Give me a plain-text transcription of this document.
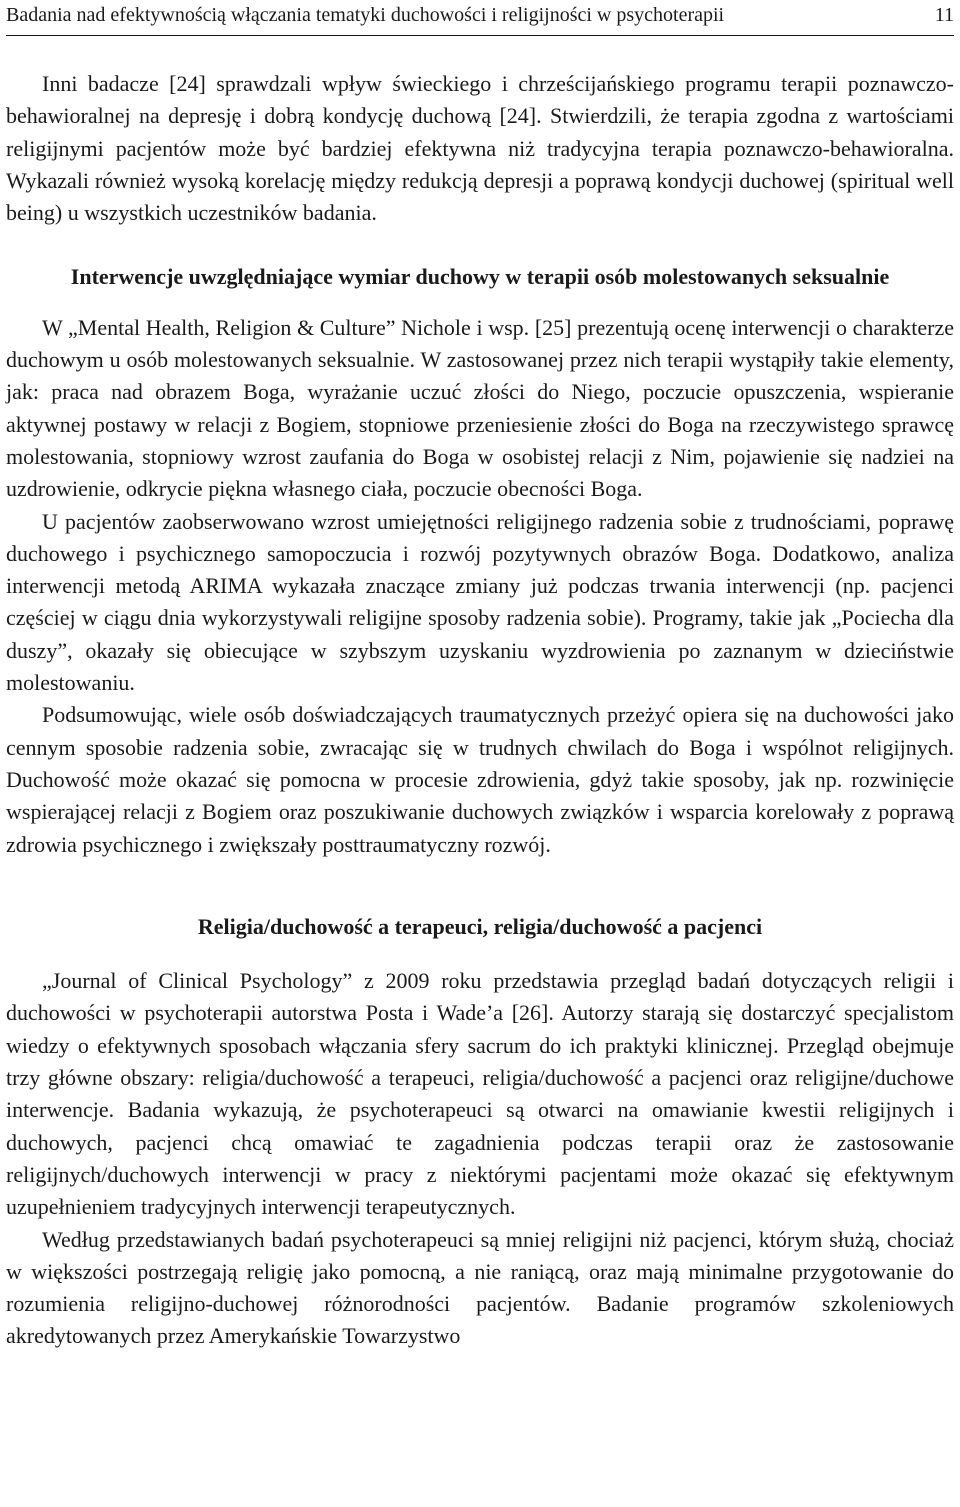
Badania nad efektywnością włączania tematyki duchowości i religijności w psychoterapii	11

Inni badacze [24] sprawdzali wpływ świeckiego i chrześcijańskiego programu terapii poznawczo-behawioralnej na depresję i dobrą kondycję duchową [24]. Stwierdzili, że terapia zgodna z wartościami religijnymi pacjentów może być bardziej efektywna niż tradycyjna terapia poznawczo-behawioralna. Wykazali również wysoką korelację między redukcją depresji a poprawą kondycji duchowej (spiritual well being) u wszystkich uczestników badania.

Interwencje uwzględniające wymiar duchowy w terapii osób molestowanych seksualnie

W „Mental Health, Religion & Culture” Nichole i wsp. [25] prezentują ocenę interwencji o charakterze duchowym u osób molestowanych seksualnie. W zastosowanej przez nich terapii wystąpiły takie elementy, jak: praca nad obrazem Boga, wyrażanie uczuć złości do Niego, poczucie opuszczenia, wspieranie aktywnej postawy w relacji z Bogiem, stopniowe przeniesienie złości do Boga na rzeczywistego sprawcę molestowania, stopniowy wzrost zaufania do Boga w osobistej relacji z Nim, pojawienie się nadziei na uzdrowienie, odkrycie piękna własnego ciała, poczucie obecności Boga.

U pacjentów zaobserwowano wzrost umiejętności religijnego radzenia sobie z trudnościami, poprawę duchowego i psychicznego samopoczucia i rozwój pozytywnych obrazów Boga. Dodatkowo, analiza interwencji metodą ARIMA wykazała znaczące zmiany już podczas trwania interwencji (np. pacjenci częściej w ciągu dnia wykorzystywali religijne sposoby radzenia sobie). Programy, takie jak „Pociecha dla duszy”, okazały się obiecujące w szybszym uzyskaniu wyzdrowienia po zaznanym w dzieciństwie molestowaniu.

Podsumowując, wiele osób doświadczających traumatycznych przeżyć opiera się na duchowości jako cennym sposobie radzenia sobie, zwracając się w trudnych chwilach do Boga i wspólnot religijnych. Duchowość może okazać się pomocna w procesie zdrowienia, gdyż takie sposoby, jak np. rozwinięcie wspierającej relacji z Bogiem oraz poszukiwanie duchowych związków i wsparcia korelowały z poprawą zdrowia psychicznego i zwiększały posttraumatyczny rozwój.

Religia/duchowość a terapeuci, religia/duchowość a pacjenci

„Journal of Clinical Psychology” z 2009 roku przedstawia przegląd badań dotyczących religii i duchowości w psychoterapii autorstwa Posta i Wade’a [26]. Autorzy starają się dostarczyć specjalistom wiedzy o efektywnych sposobach włączania sfery sacrum do ich praktyki klinicznej. Przegląd obejmuje trzy główne obszary: religia/duchowość a terapeuci, religia/duchowość a pacjenci oraz religijne/duchowe interwencje. Badania wykazują, że psychoterapeuci są otwarci na omawianie kwestii religijnych i duchowych, pacjenci chcą omawiać te zagadnienia podczas terapii oraz że zastosowanie religijnych/duchowych interwencji w pracy z niektórymi pacjentami może okazać się efektywnym uzupełnieniem tradycyjnych interwencji terapeutycznych.

Według przedstawianych badań psychoterapeuci są mniej religijni niż pacjenci, którym służą, chociaż w większości postrzegają religię jako pomocną, a nie raniącą, oraz mają minimalne przygotowanie do rozumienia religijno-duchowej różnorodności pacjentów. Badanie programów szkoleniowych akredytowanych przez Amerykańskie Towarzystwo
